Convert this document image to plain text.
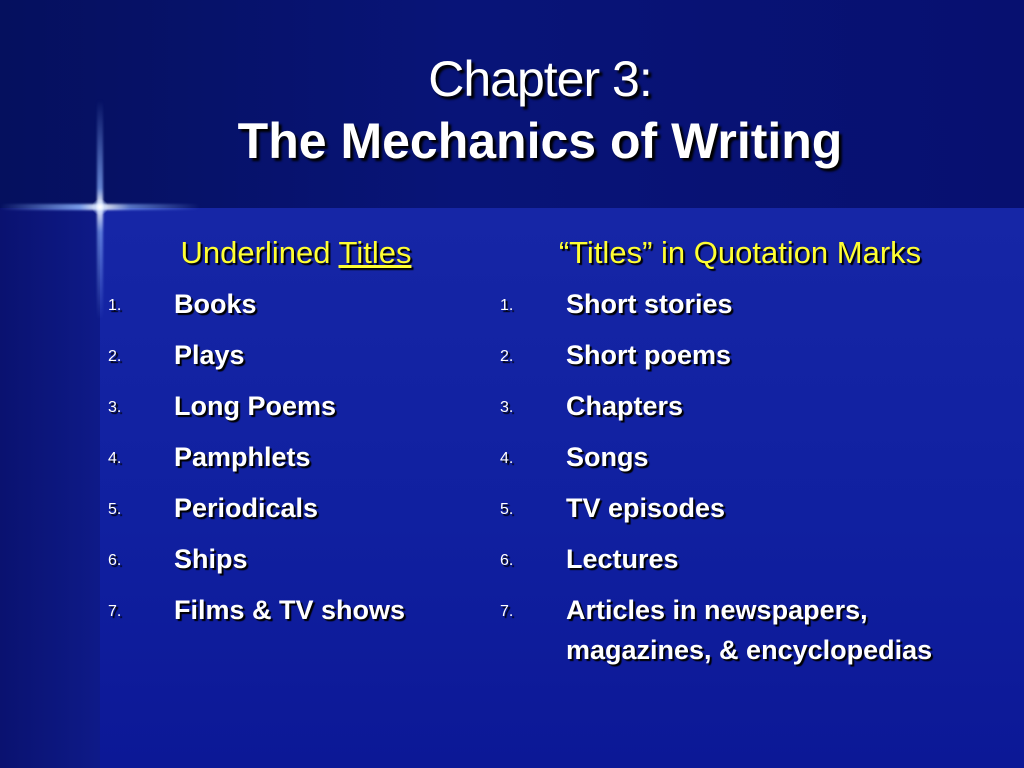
Chapter 3:
The Mechanics of Writing
Underlined Titles
1.	Books
2.	Plays
3.	Long Poems
4.	Pamphlets
5.	Periodicals
6.	Ships
7.	Films & TV shows
“Titles” in Quotation Marks
1.	Short stories
2.	Short poems
3.	Chapters
4.	Songs
5.	TV episodes
6.	Lectures
7.	Articles in newspapers, magazines, & encyclopedias
